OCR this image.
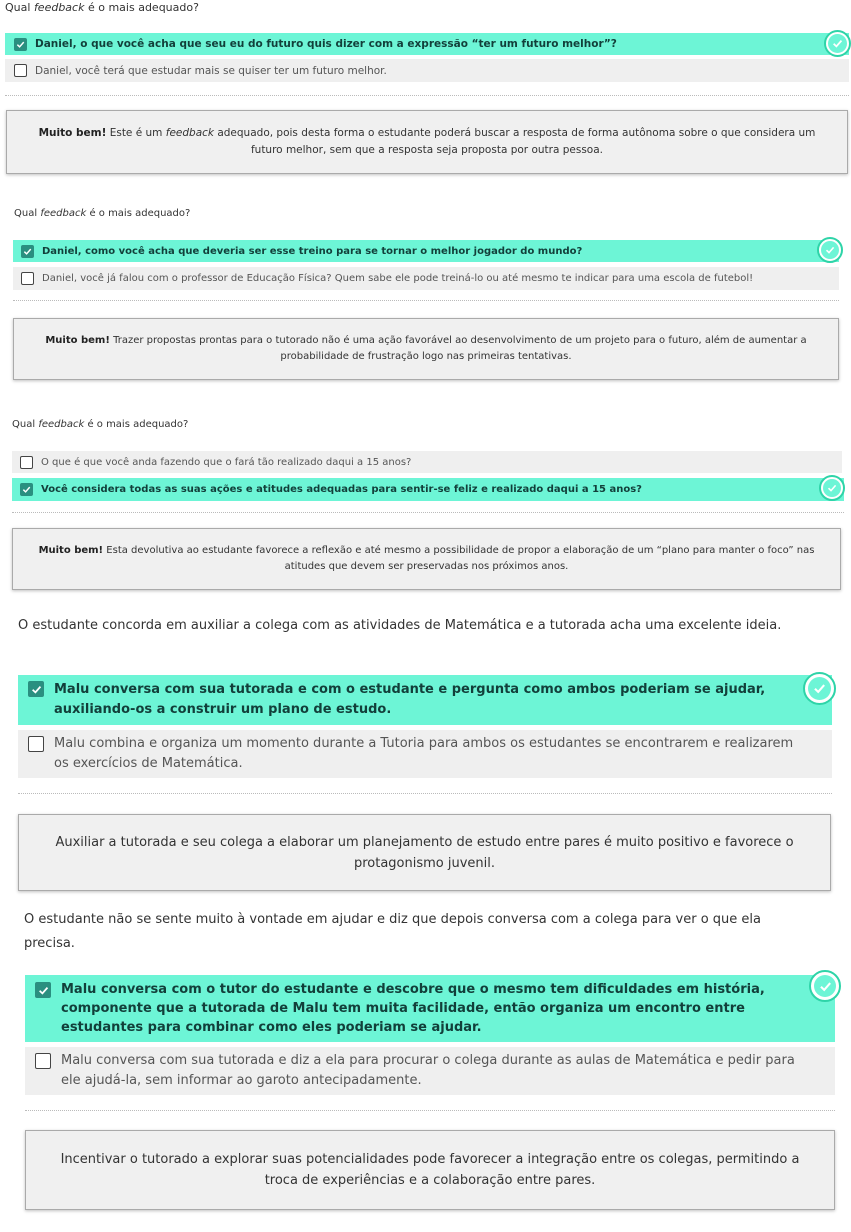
Qual feedback é o mais adequado?
Daniel, o que você acha que seu eu do futuro quis dizer com a expressão “ter um futuro melhor”?
Daniel, você terá que estudar mais se quiser ter um futuro melhor.
Muito bem! Este é um feedback adequado, pois desta forma o estudante poderá buscar a resposta de forma autônoma sobre o que considera um futuro melhor, sem que a resposta seja proposta por outra pessoa.
Qual feedback é o mais adequado?
Daniel, como você acha que deveria ser esse treino para se tornar o melhor jogador do mundo?
Daniel, você já falou com o professor de Educação Física? Quem sabe ele pode treiná-lo ou até mesmo te indicar para uma escola de futebol!
Muito bem! Trazer propostas prontas para o tutorado não é uma ação favorável ao desenvolvimento de um projeto para o futuro, além de aumentar a probabilidade de frustração logo nas primeiras tentativas.
Qual feedback é o mais adequado?
O que é que você anda fazendo que o fará tão realizado daqui a 15 anos?
Você considera todas as suas ações e atitudes adequadas para sentir-se feliz e realizado daqui a 15 anos?
Muito bem! Esta devolutiva ao estudante favorece a reflexão e até mesmo a possibilidade de propor a elaboração de um “plano para manter o foco” nas atitudes que devem ser preservadas nos próximos anos.
O estudante concorda em auxiliar a colega com as atividades de Matemática e a tutorada acha uma excelente ideia.
Malu conversa com sua tutorada e com o estudante e pergunta como ambos poderiam se ajudar, auxiliando-os a construir um plano de estudo.
Malu combina e organiza um momento durante a Tutoria para ambos os estudantes se encontrarem e realizarem os exercícios de Matemática.
Auxiliar a tutorada e seu colega a elaborar um planejamento de estudo entre pares é muito positivo e favorece o protagonismo juvenil.
O estudante não se sente muito à vontade em ajudar e diz que depois conversa com a colega para ver o que ela precisa.
Malu conversa com o tutor do estudante e descobre que o mesmo tem dificuldades em história, componente que a tutorada de Malu tem muita facilidade, então organiza um encontro entre estudantes para combinar como eles poderiam se ajudar.
Malu conversa com sua tutorada e diz a ela para procurar o colega durante as aulas de Matemática e pedir para ele ajudá-la, sem informar ao garoto antecipadamente.
Incentivar o tutorado a explorar suas potencialidades pode favorecer a integração entre os colegas, permitindo a troca de experiências e a colaboração entre pares.
